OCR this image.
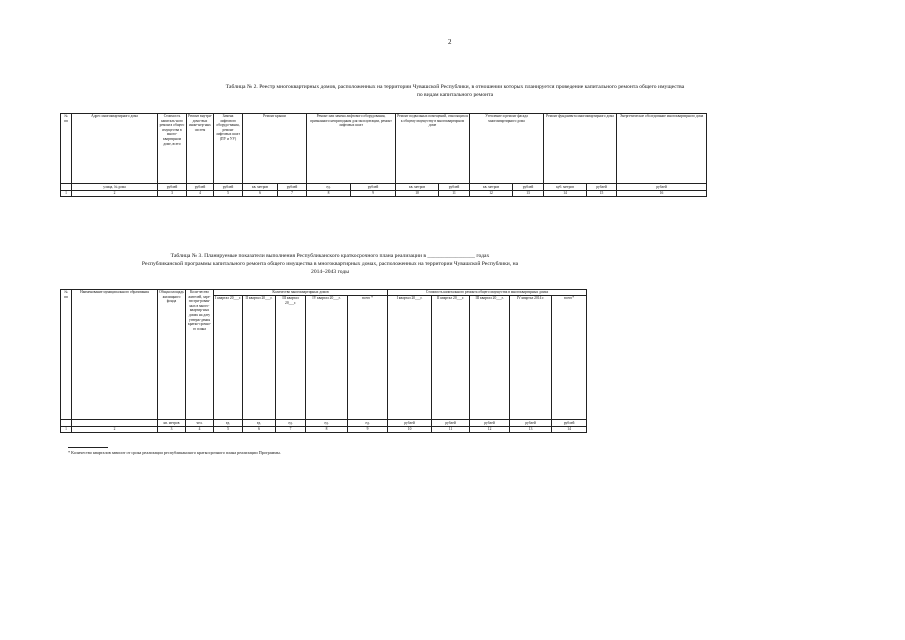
2
Таблица № 2. Реестр многоквартирных домов, расположенных на территории Чувашской Республики, в отношении которых планируется проведение капитального ремонта общего имущества
по видам капитального ремонта
№ пп	Адрес многоквартирного дома	Стоимость капиталь-ного ремонта общего имущества в много-квартирном доме, всего	Ремонт внутри-домо-вых инже-нер-ных систем	Замена лифтового оборудо-вания, ремонт лифтовых шахт (ПУ и УУ)	Ремонт крыши		Ремонт или замена лифтового оборудования, признанного непригодным для эксплуатации, ремонт лифтовых шахт		Ремонт подвальных помещений, относящихся к общему имуществу в многоквартирном доме		Утепление и ремонт фасада многоквартирного дома		Ремонт фундамента многоквартирного дома		Энергетическое обследование многоквартирного дома
	улица, № дома	рублей	рублей	рублей	кв. метров	рублей	ед.	рублей	кв. метров	рублей	кв. метров	рублей	куб. метров	рублей	рублей
1	2	3	4	5	6	7	8	9	10	11	12	13	14	15	16
Таблица № 3. Планируемые показатели выполнения Республиканского краткосрочного плана реализации в _________________ годах
Республиканской программы капитального ремонта общего имущества в многоквартирных домах, расположенных на территории Чувашской Республики, на
2014–2043 годы
№ пп	Наименование муниципального образования	Общая площадь жилищного фонда	Коли-чество жителей, заре-гистри-рован-ных в много-квартир-ных домах на дату утверж-дения кратко-срочно-го плана	Количество многоквартирных домов					Стоимость капитального ремонта общего имущества в многоквартирных домах				
				I квартал 20___г.	II квартал 20___г.	III квартал 20___г.	IV квартал 20___г.	всего *	I квартал 20___г.	II квартал 20___г.	III квартал 20___г.	IV квартал 2014 г.	всего*
		кв. метров	чел.	ед.	ед.	ед.	ед.	ед.	рублей	рублей	рублей	рублей	рублей
1	2	3	4	5	6	7	8	9	10	11	12	13	14
* Количество кварталов зависит от срока реализации республиканского краткосрочного плана реализации Программы.
